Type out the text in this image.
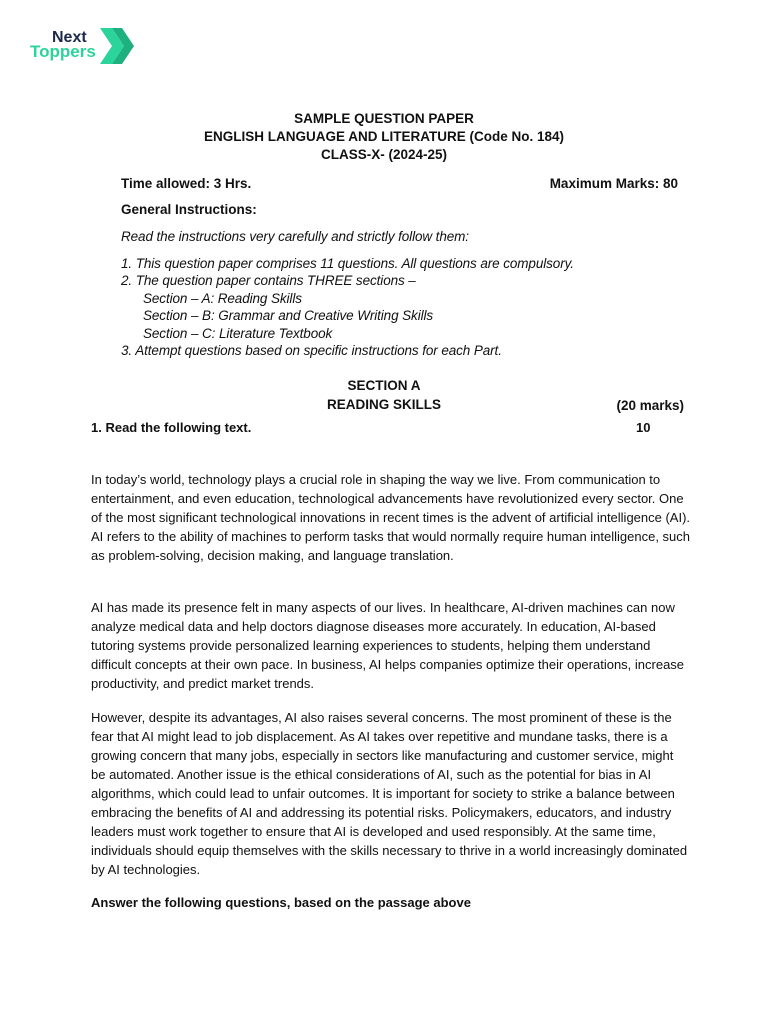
Next
Toppers
SAMPLE QUESTION PAPER
ENGLISH LANGUAGE AND LITERATURE (Code No. 184)
CLASS-X- (2024-25)
Time allowed: 3 Hrs.	Maximum Marks: 80
General Instructions:
Read the instructions very carefully and strictly follow them:
1. This question paper comprises 11 questions. All questions are compulsory.
2. The question paper contains THREE sections –
Section – A: Reading Skills
Section – B: Grammar and Creative Writing Skills
Section – C: Literature Textbook
3. Attempt questions based on specific instructions for each Part.
SECTION A
READING SKILLS	(20 marks)
1. Read the following text.	10
In today’s world, technology plays a crucial role in shaping the way we live. From communication to entertainment, and even education, technological advancements have revolutionized every sector. One of the most significant technological innovations in recent times is the advent of artificial intelligence (AI). AI refers to the ability of machines to perform tasks that would normally require human intelligence, such as problem-solving, decision making, and language translation.
AI has made its presence felt in many aspects of our lives. In healthcare, AI-driven machines can now analyze medical data and help doctors diagnose diseases more accurately. In education, AI-based tutoring systems provide personalized learning experiences to students, helping them understand difficult concepts at their own pace. In business, AI helps companies optimize their operations, increase productivity, and predict market trends.
However, despite its advantages, AI also raises several concerns. The most prominent of these is the fear that AI might lead to job displacement. As AI takes over repetitive and mundane tasks, there is a growing concern that many jobs, especially in sectors like manufacturing and customer service, might be automated. Another issue is the ethical considerations of AI, such as the potential for bias in AI algorithms, which could lead to unfair outcomes. It is important for society to strike a balance between embracing the benefits of AI and addressing its potential risks. Policymakers, educators, and industry leaders must work together to ensure that AI is developed and used responsibly. At the same time, individuals should equip themselves with the skills necessary to thrive in a world increasingly dominated by AI technologies.
Answer the following questions, based on the passage above
